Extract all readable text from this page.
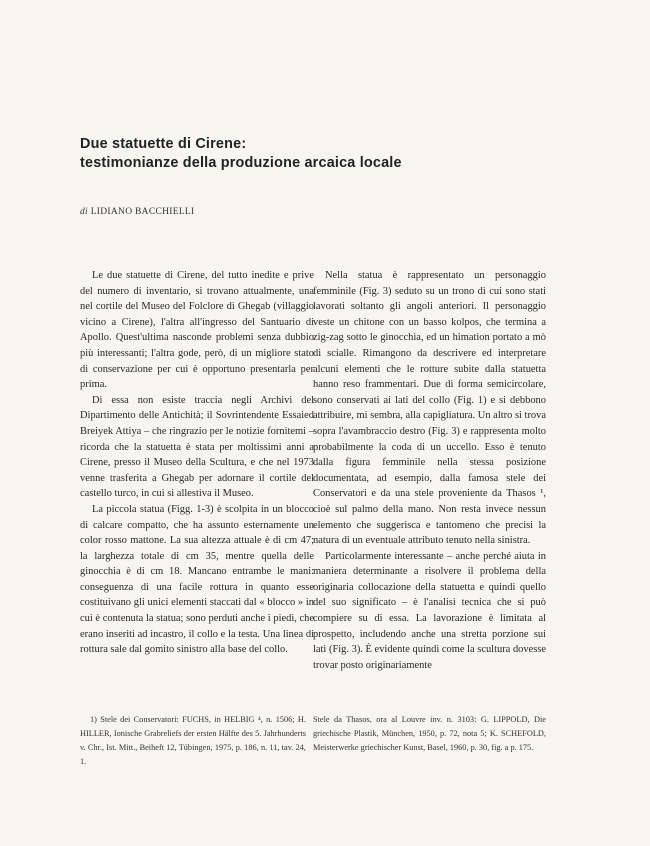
Due statuette di Cirene:
testimonianze della produzione arcaica locale
di LIDIANO BACCHIELLI

Le due statuette di Cirene, del tutto inedite e prive del numero di inventario, si trovano attualmente, una nel cortile del Museo del Folclore di Ghegab (villaggio vicino a Cirene), l'altra all'ingresso del Santuario di Apollo. Quest'ultima nasconde problemi senza dubbio più interessanti; l'altra gode, però, di un migliore stato di conservazione per cui è opportuno presentarla per prima.

Di essa non esiste traccia negli Archivi del Dipartimento delle Antichità; il Sovrintendente Essaied Breiyek Attiya – che ringrazio per le notizie fornitemi – ricorda che la statuetta è stata per moltissimi anni a Cirene, presso il Museo della Scultura, e che nel 1973 venne trasferita a Ghegab per adornare il cortile del castello turco, in cui si allestiva il Museo.

La piccola statua (Figg. 1-3) è scolpita in un blocco di calcare compatto, che ha assunto esternamente un color rosso mattone. La sua altezza attuale è di cm 47; la larghezza totale di cm 35, mentre quella delle ginocchia è di cm 18. Mancano entrambe le mani: conseguenza di una facile rottura in quanto esse costituivano gli unici elementi staccati dal « blocco » in cui è contenuta la statua; sono perduti anche i piedi, che erano inseriti ad incastro, il collo e la testa. Una linea di rottura sale dal gomito sinistro alla base del collo.

Nella statua è rappresentato un personaggio femminile (Fig. 3) seduto su un trono di cui sono stati lavorati soltanto gli angoli anteriori. Il personaggio veste un chitone con un basso kolpos, che termina a zig-zag sotto le ginocchia, ed un himation portato a mò di scialle. Rimangono da descrivere ed interpretare alcuni elementi che le rotture subite dalla statuetta hanno reso frammentari. Due di forma semicircolare, sono conservati ai lati del collo (Fig. 1) e si debbono attribuire, mi sembra, alla capigliatura. Un altro si trova sopra l'avambraccio destro (Fig. 3) e rappresenta molto probabilmente la coda di un uccello. Esso è tenuto dalla figura femminile nella stessa posizione documentata, ad esempio, dalla famosa stele dei Conservatori e da una stele proveniente da Thasos ¹, cioè sul palmo della mano. Non resta invece nessun elemento che suggerisca e tantomeno che precisi la natura di un eventuale attributo tenuto nella sinistra.

Particolarmente interessante – anche perché aiuta in maniera determinante a risolvere il problema della originaria collocazione della statuetta e quindi quello del suo significato – è l'analisi tecnica che si può compiere su di essa. La lavorazione è limitata al prospetto, includendo anche una stretta porzione sui lati (Fig. 3). È evidente quindi come la scultura dovesse trovar posto originariamente

1) Stele dei Conservatori: FUCHS, in HELBIG ⁴, n. 1506; H. HILLER, Ionische Grabreliefs der ersten Hälfte des 5. Jahrhunderts v. Chr., Ist. Mitt., Beiheft 12, Tübingen, 1975, p. 186, n. 11, tav. 24, 1.

Stele da Thasos, ora al Louvre inv. n. 3103: G. LIPPOLD, Die griechische Plastik, München, 1950, p. 72, nota 5; K. SCHEFOLD, Meisterwerke griechischer Kunst, Basel, 1960, p. 30, fig. a p. 175.
